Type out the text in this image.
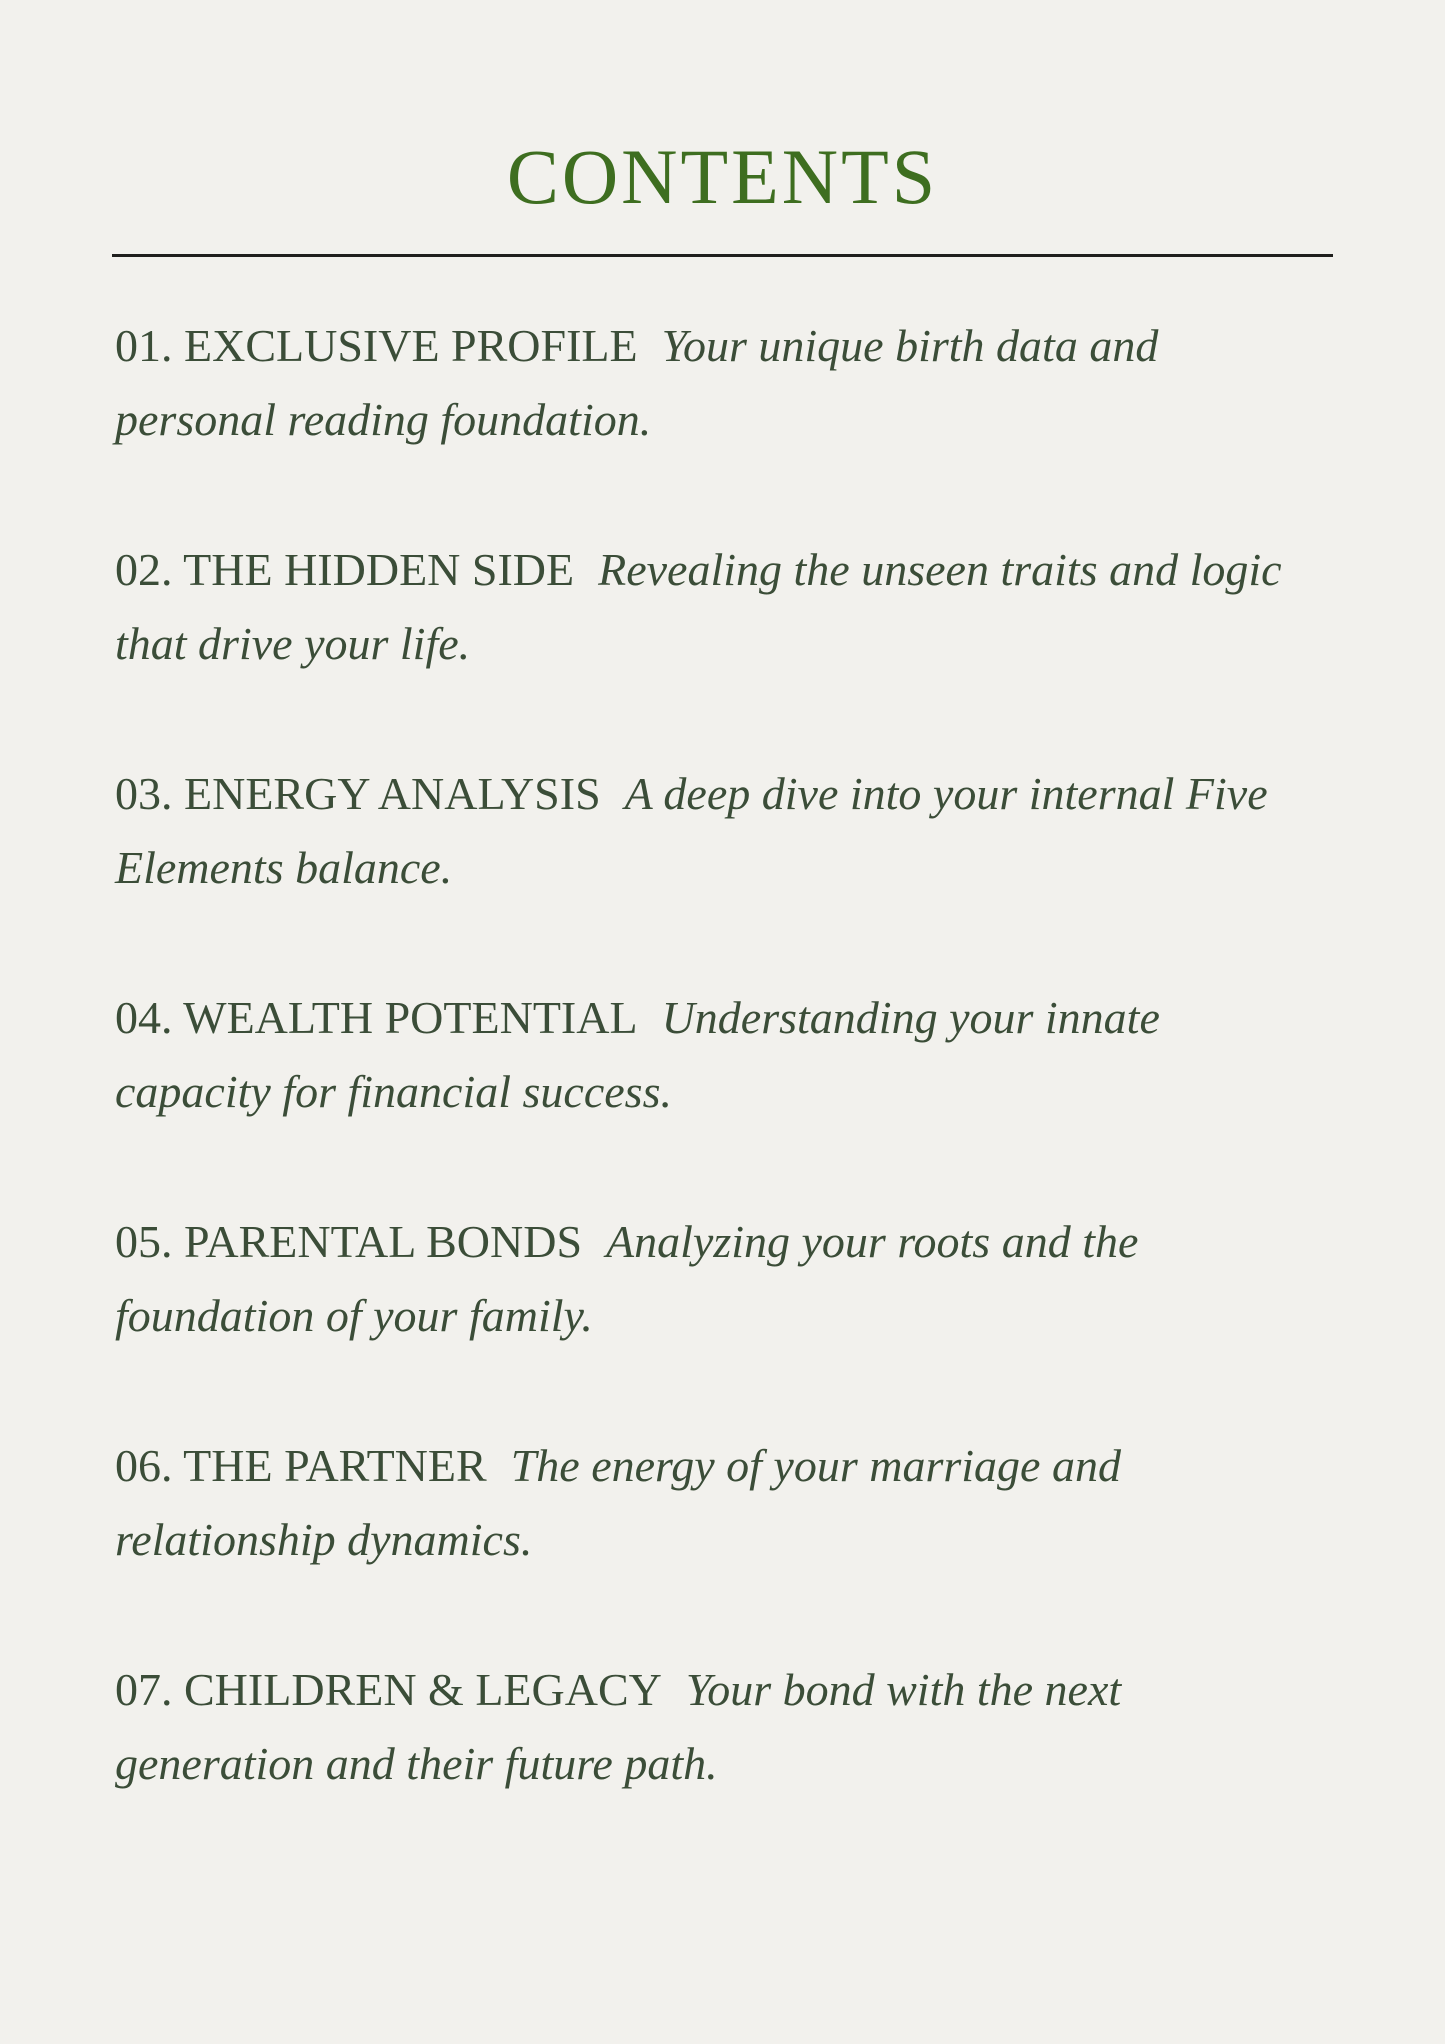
CONTENTS
01. EXCLUSIVE PROFILE Your unique birth data and personal reading foundation.
02. THE HIDDEN SIDE Revealing the unseen traits and logic that drive your life.
03. ENERGY ANALYSIS A deep dive into your internal Five Elements balance.
04. WEALTH POTENTIAL Understanding your innate capacity for financial success.
05. PARENTAL BONDS Analyzing your roots and the foundation of your family.
06. THE PARTNER The energy of your marriage and relationship dynamics.
07. CHILDREN & LEGACY Your bond with the next generation and their future path.
